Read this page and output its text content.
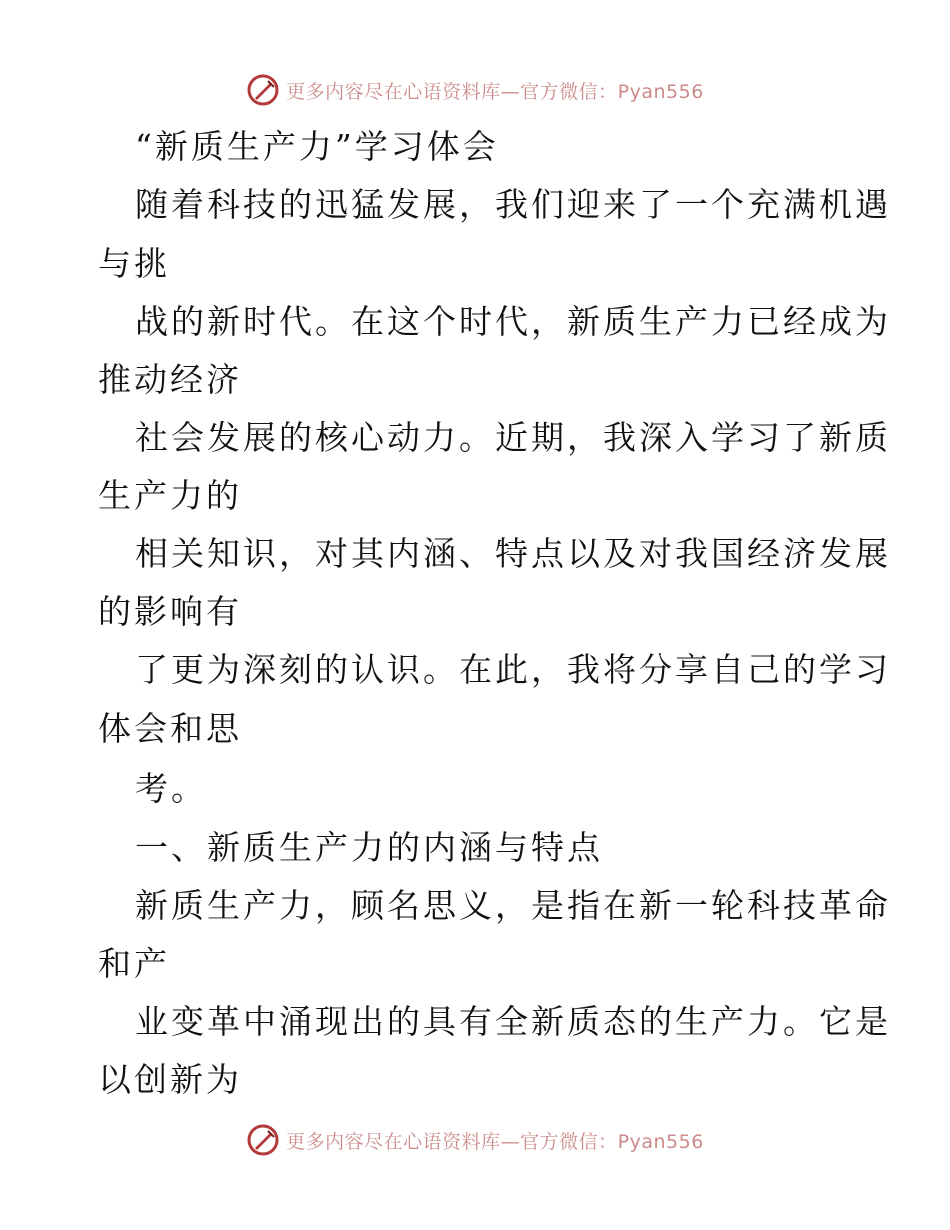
更多内容尽在心语资料库—官方微信：Pyan556
“新质生产力”学习体会
随着科技的迅猛发展，我们迎来了一个充满机遇
与挑
战的新时代。在这个时代，新质生产力已经成为
推动经济
社会发展的核心动力。近期，我深入学习了新质
生产力的
相关知识，对其内涵、特点以及对我国经济发展
的影响有
了更为深刻的认识。在此，我将分享自己的学习
体会和思
考。
一、新质生产力的内涵与特点
新质生产力，顾名思义，是指在新一轮科技革命
和产
业变革中涌现出的具有全新质态的生产力。它是
以创新为
更多内容尽在心语资料库—官方微信：Pyan556
